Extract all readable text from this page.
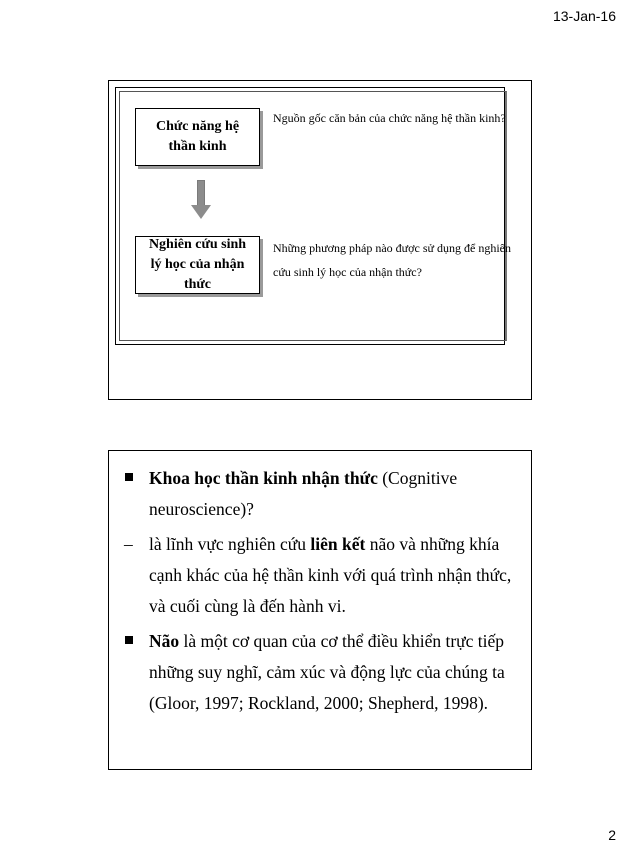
13-Jan-16
Chức năng hệ thần kinh
Nghiên cứu sinh lý học của nhận thức
Nguồn gốc căn bản của chức năng hệ thần kinh?
Những phương pháp nào được sử dụng để nghiên
cứu sinh lý học của nhận thức?
Khoa học thần kinh nhận thức (Cognitive neuroscience)?
– là lĩnh vực nghiên cứu liên kết não và những khía cạnh khác của hệ thần kinh với quá trình nhận thức, và cuối cùng là đến hành vi.
Não là một cơ quan của cơ thể điều khiển trực tiếp những suy nghĩ, cảm xúc và động lực của chúng ta (Gloor, 1997; Rockland, 2000; Shepherd, 1998).
2
